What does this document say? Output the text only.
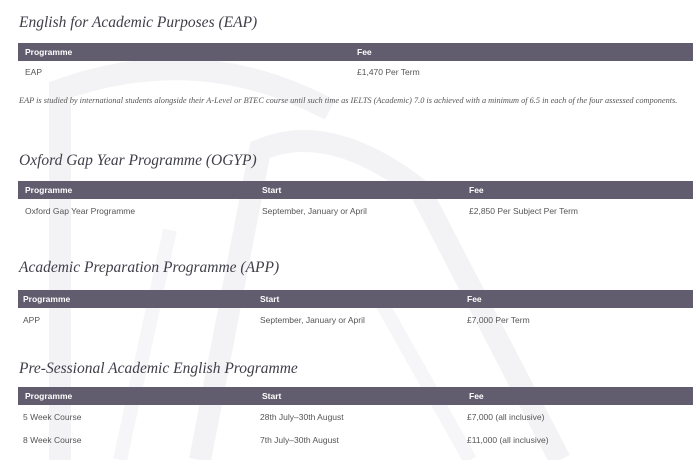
English for Academic Purposes (EAP)
Programme	Fee
EAP	£1,470 Per Term
EAP is studied by international students alongside their A-Level or BTEC course until such time as IELTS (Academic) 7.0 is achieved with a minimum of 6.5 in each of the four assessed components.
Oxford Gap Year Programme (OGYP)
Programme	Start	Fee
Oxford Gap Year Programme	September, January or April	£2,850 Per Subject Per Term
Academic Preparation Programme (APP)
Programme	Start	Fee
APP	September, January or April	£7,000 Per Term
Pre-Sessional Academic English Programme
Programme	Start	Fee
5 Week Course	28th July–30th August	£7,000 (all inclusive)
8 Week Course	7th July–30th August	£11,000 (all inclusive)
